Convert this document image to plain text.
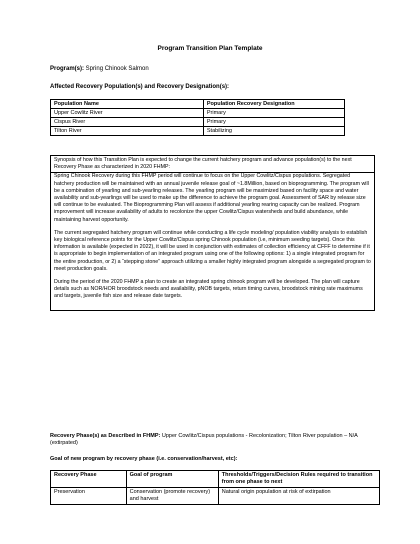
Program Transition Plan Template
Program(s): Spring Chinook Salmon
Affected Recovery Population(s) and Recovery Designation(s):
Population Name	Population Recovery Designation
Upper Cowlitz River	Primary
Cispus River	Primary
Tilton River	Stabilizing
Synopsis of how this Transition Plan is expected to change the current hatchery program and advance population(s) to the next Recovery Phase as characterized in 2020 FHMP:

Spring Chinook Recovery during this FHMP period will continue to focus on the Upper Cowlitz/Cispus populations. Segregated hatchery production will be maintained with an annual juvenile release goal of ~1.8Million, based on bioprogramming. The program will be a combination of yearling and sub-yearling releases. The yearling program will be maximized based on facility space and water availability and sub-yearlings will be used to make up the difference to achieve the program goal. Assessment of SAR by release size will continue to be evaluated. The Bioprogramming Plan will assess if additional yearling rearing capacity can be realized. Program improvement will increase availability of adults to recolonize the upper Cowlitz/Cispus watersheds and build abundance, while maintaining harvest opportunity.

The current segregated hatchery program will continue while conducting a life cycle modeling/ population viability analysis to establish key biological reference points for the Upper Cowlitz/Cispus spring Chinook population (i.e, minimum seeding targets). Once this information is available (expected in 2022), it will be used in conjunction with estimates of collection efficiency at CFFF to determine if it is appropriate to begin implementation of an integrated program using one of the following options: 1) a single integrated program for the entire production, or 2) a “stepping stone” approach utilizing a smaller highly integrated program alongside a segregated program to meet production goals.

During the period of the 2020 FHMP a plan to create an integrated spring chinook program will be developed. The plan will capture details such as NOR/HOR broodstock needs and availability, pNOB targets, return timing curves, broodstock mining rate maximums and targets, juvenile fish size and release date targets.

Recovery Phase(s) as Described in FHMP: Upper Cowlitz/Cispus populations - Recolonization; Tilton River population – N/A (extirpated)
Goal of new program by recovery phase (i.e. conservation/harvest, etc):
Recovery Phase	Goal of program	Thresholds/Triggers/Decision Rules required to transition from one phase to next
Preservation	Conservation (promote recovery) and harvest	Natural origin population at risk of extirpation
